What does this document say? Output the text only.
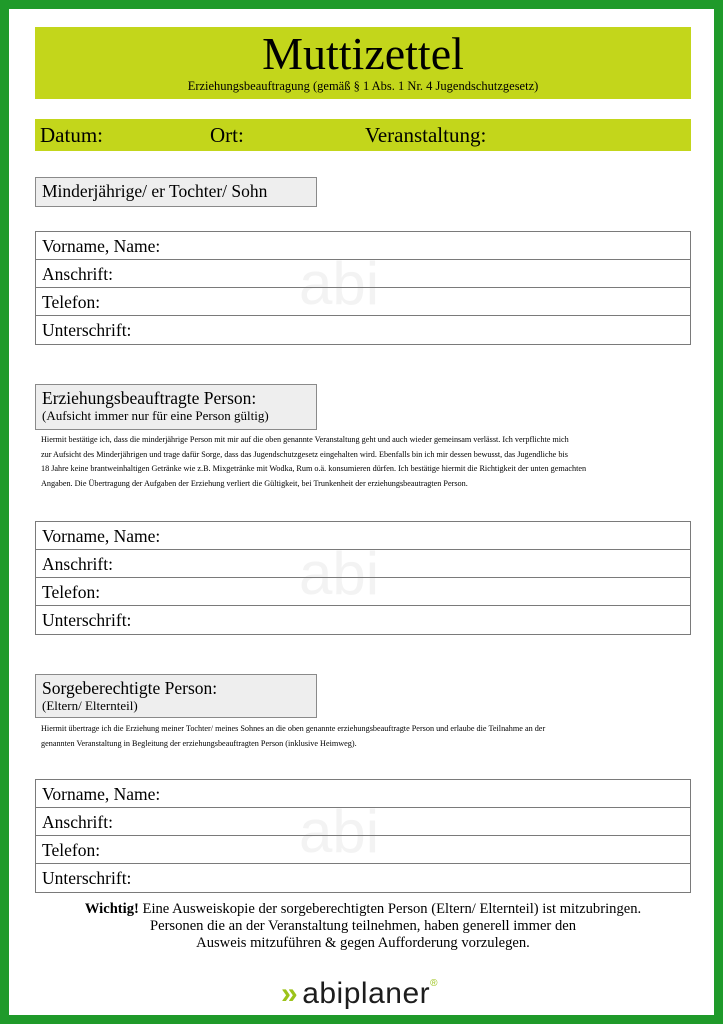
Muttizettel
Erziehungsbeauftragung (gemäß § 1 Abs. 1 Nr. 4 Jugendschutzgesetz)
Datum:	Ort:	Veranstaltung:
Minderjährige/ er Tochter/ Sohn
abi
Vorname, Name:
Anschrift:
Telefon:
Unterschrift:
Erziehungsbeauftragte Person:
(Aufsicht immer nur für eine Person gültig)
Hiermit bestätige ich, dass die minderjährige Person mit mir auf die oben genannte Veranstaltung geht und auch wieder gemeinsam verlässt. Ich verpflichte mich
zur Aufsicht des Minderjährigen und trage dafür Sorge, dass das Jugendschutzgesetz eingehalten wird. Ebenfalls bin ich mir dessen bewusst, das Jugendliche bis
18 Jahre keine brantweinhaltigen Getränke wie z.B. Mixgetränke mit Wodka, Rum o.ä. konsumieren dürfen. Ich bestätige hiermit die Richtigkeit der unten gemachten
Angaben. Die Übertragung der Aufgaben der Erziehung verliert die Gültigkeit, bei Trunkenheit der erziehungsbeautragten Person.
abi
Vorname, Name:
Anschrift:
Telefon:
Unterschrift:
Sorgeberechtigte Person:
(Eltern/ Elternteil)
Hiermit übertrage ich die Erziehung meiner Tochter/ meines Sohnes an die oben genannte erziehungsbeauftragte Person und erlaube die Teilnahme an der
genannten Veranstaltung in Begleitung der erziehungsbeauftragten Person (inklusive Heimweg).
abi
Vorname, Name:
Anschrift:
Telefon:
Unterschrift:
Wichtig! Eine Ausweiskopie der sorgeberechtigten Person (Eltern/ Elternteil) ist mitzubringen.
Personen die an der Veranstaltung teilnehmen, haben generell immer den
Ausweis mitzuführen & gegen Aufforderung vorzulegen.
» abiplaner®
